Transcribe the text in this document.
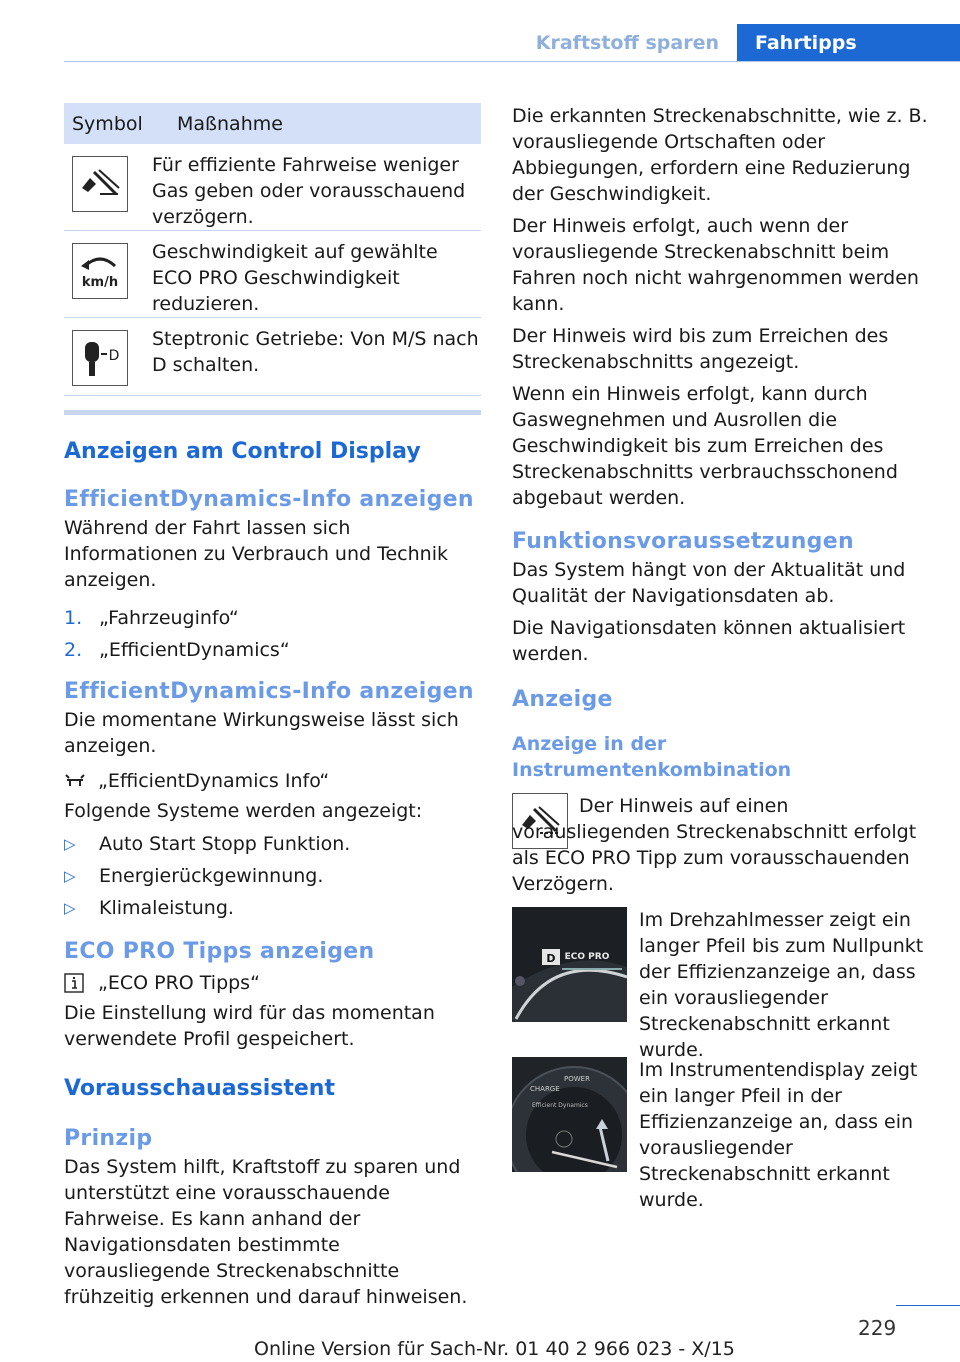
Kraftstoff sparen	Fahrtipps
Symbol	Maßnahme

	Für effiziente Fahrweise weniger Gas geben oder vorausschauend verzögern.

km/h	Geschwindigkeit auf gewählte ECO PRO Geschwindigkeit reduzieren.

D	Steptronic Getriebe: Von M/S nach D schalten.
Anzeigen am Control Display
EfficientDynamics-Info anzeigen

Während der Fahrt lassen sich Informationen zu Verbrauch und Technik anzeigen.

1. „Fahrzeuginfo“
2. „EfficientDynamics“
EfficientDynamics-Info anzeigen

Die momentane Wirkungsweise lässt sich anzeigen.

„EfficientDynamics Info“

Folgende Systeme werden angezeigt:

▷	Auto Start Stopp Funktion.
▷	Energierückgewinnung.
▷	Klimaleistung.
ECO PRO Tipps anzeigen
„ECO PRO Tipps“

Die Einstellung wird für das momentan verwendete Profil gespeichert.

Vorausschauassistent
Prinzip

Das System hilft, Kraftstoff zu sparen und unterstützt eine vorausschauende Fahrweise. Es kann anhand der Navigationsdaten bestimmte vorausliegende Streckenabschnitte frühzeitig erkennen und darauf hinweisen.

Die erkannten Streckenabschnitte, wie z. B. vorausliegende Ortschaften oder Abbiegungen, erfordern eine Reduzierung der Geschwindigkeit.

Der Hinweis erfolgt, auch wenn der vorausliegende Streckenabschnitt beim Fahren noch nicht wahrgenommen werden kann.

Der Hinweis wird bis zum Erreichen des Streckenabschnitts angezeigt.

Wenn ein Hinweis erfolgt, kann durch Gaswegnehmen und Ausrollen die Geschwindigkeit bis zum Erreichen des Streckenabschnitts verbrauchsschonend abgebaut werden.

Funktionsvoraussetzungen

Das System hängt von der Aktualität und Qualität der Navigationsdaten ab.

Die Navigationsdaten können aktualisiert werden.

Anzeige
Anzeige in der Instrumentenkombination

Der Hinweis auf einen vorausliegenden Streckenabschnitt erfolgt als ECO PRO Tipp zum vorausschauenden Verzögern.

D ECO PRO

Im Drehzahlmesser zeigt ein langer Pfeil bis zum Nullpunkt der Effizienzanzeige an, dass ein vorausliegender Streckenabschnitt erkannt wurde.

CHARGE
POWER
Efficient Dynamics

Im Instrumentendisplay zeigt ein langer Pfeil in der Effizienzanzeige an, dass ein vorausliegender Streckenabschnitt erkannt wurde.

229
Online Version für Sach-Nr. 01 40 2 966 023 - X/15
